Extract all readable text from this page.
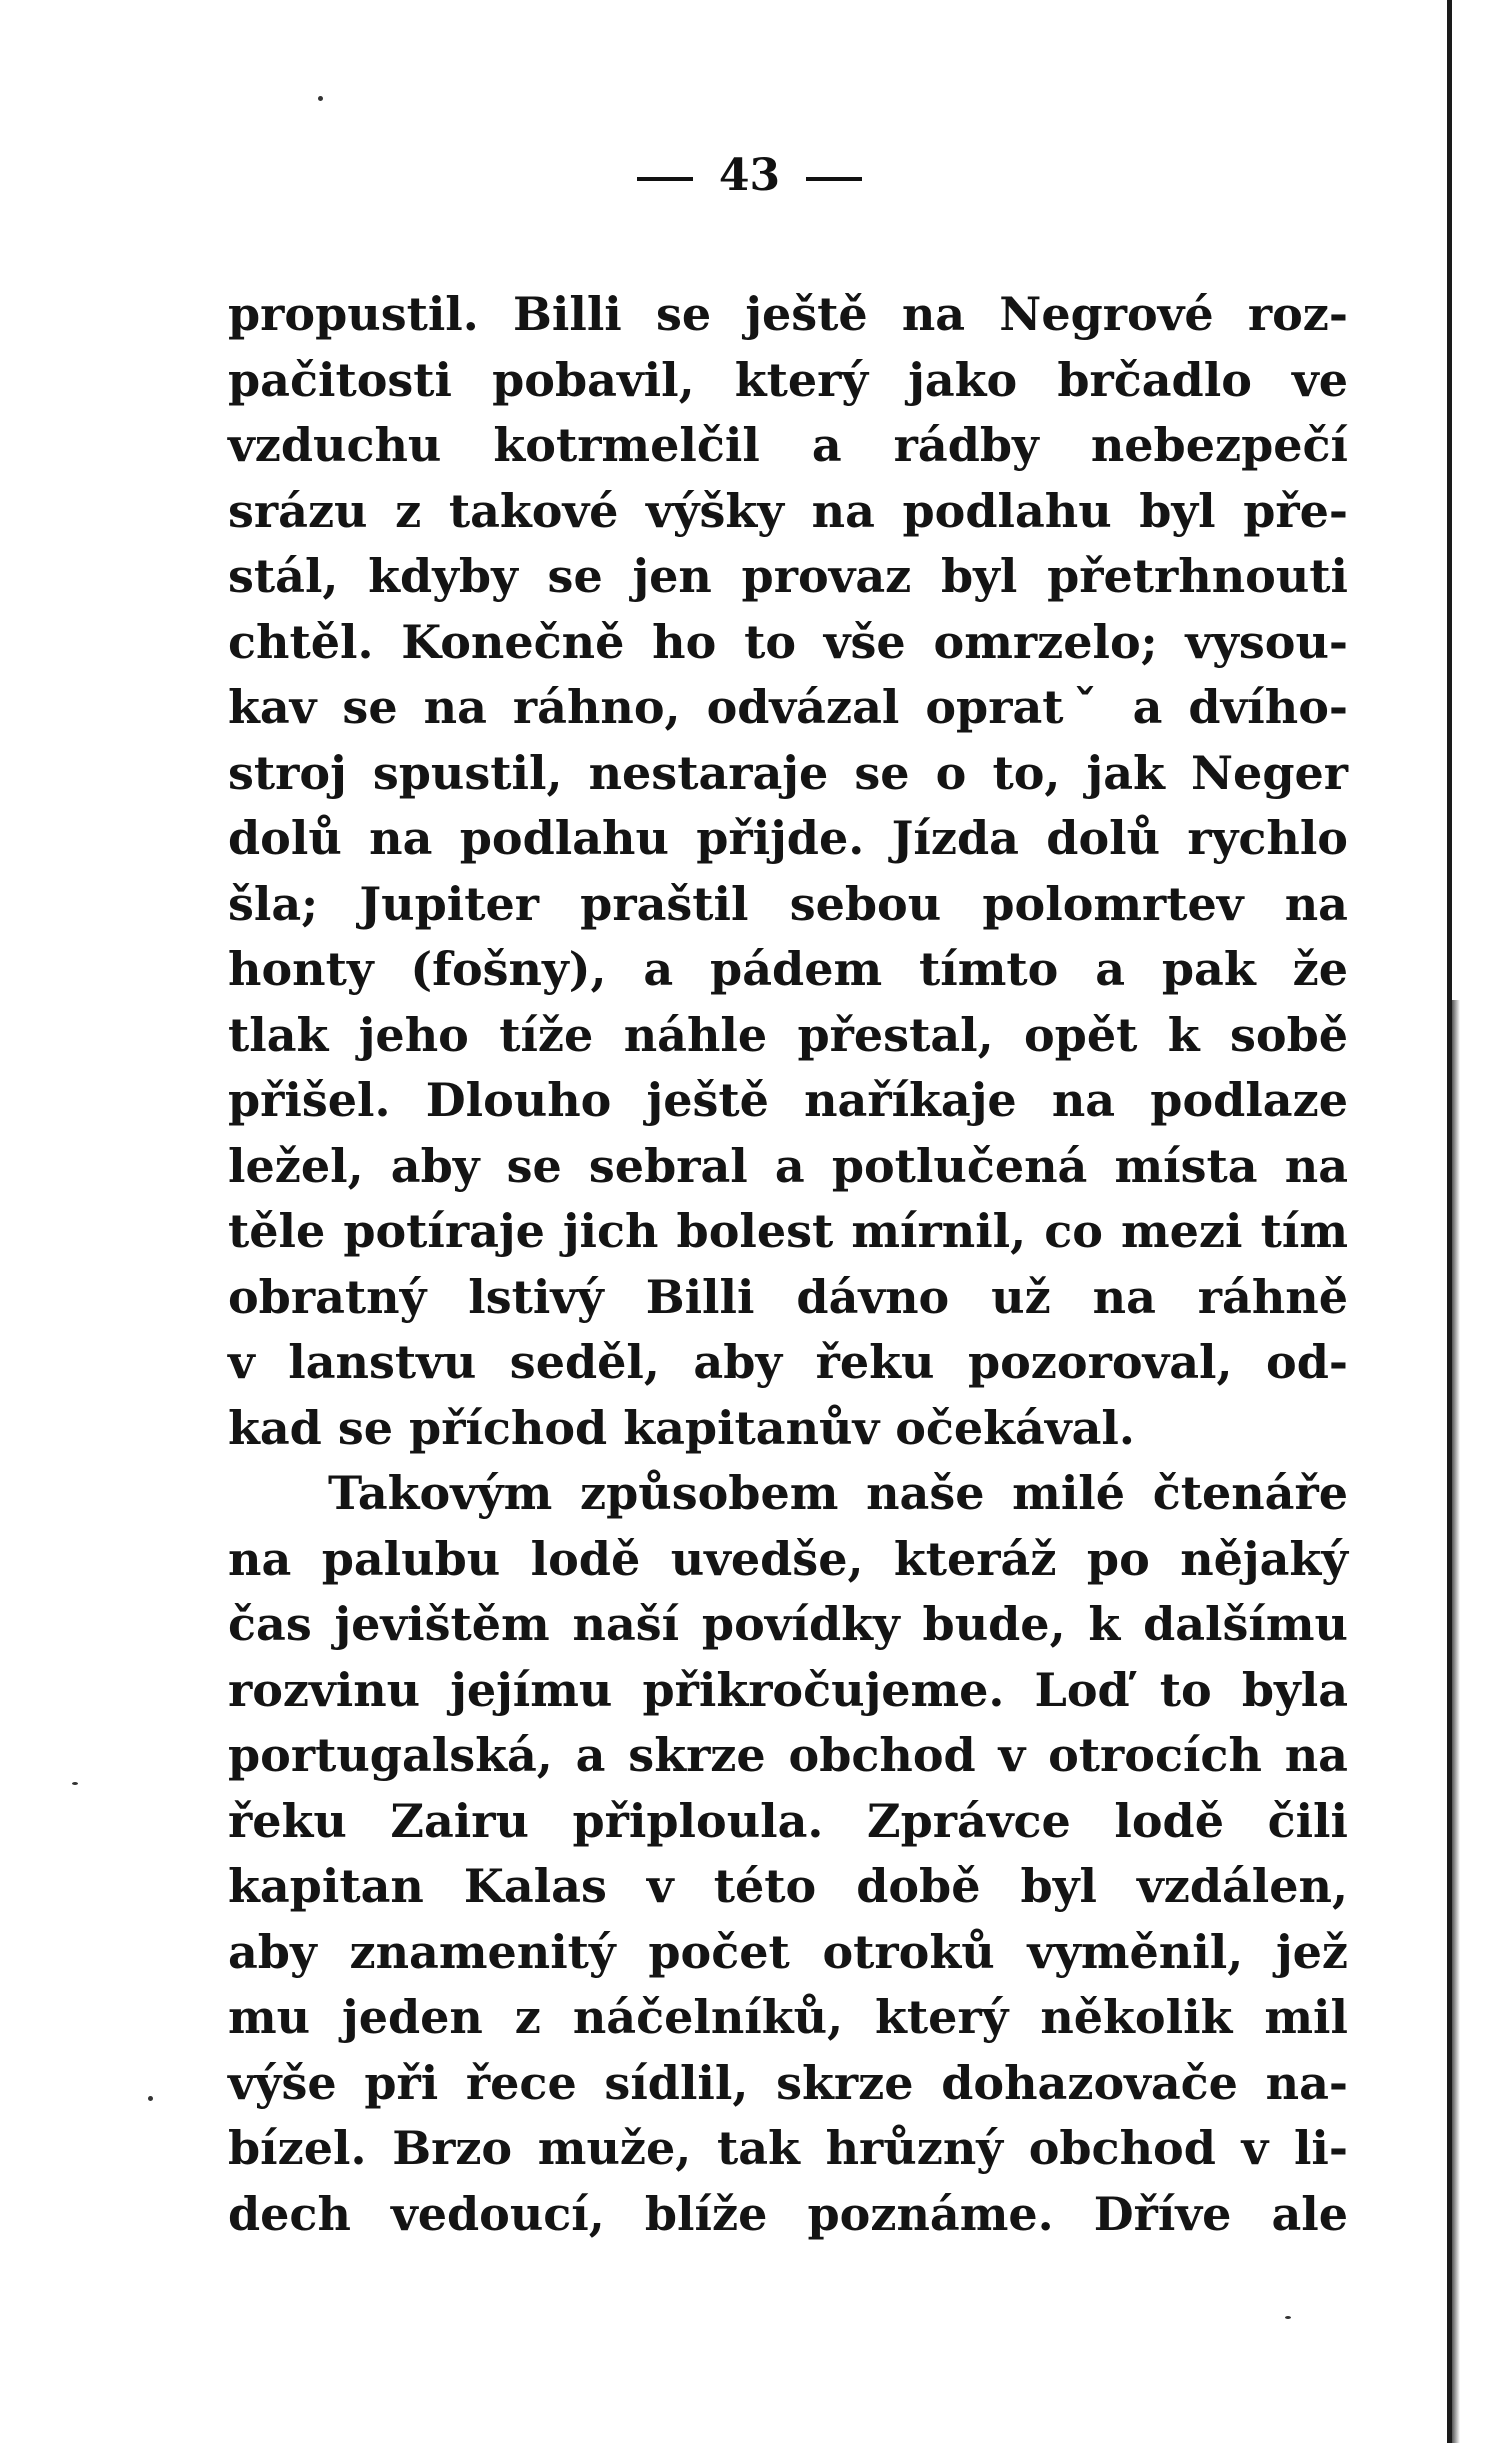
43
propustil. Billi se ještě na Negrové roz-
pačitosti pobavil, který jako brčadlo ve
vzduchu kotrmelčil a rádby nebezpečí
srázu z takové výšky na podlahu byl pře-
stál, kdyby se jen provaz byl přetrhnouti
chtěl. Konečně ho to vše omrzelo; vysou-
kav se na ráhno, odvázal opratˇ a dvího-
stroj spustil, nestaraje se o to, jak Neger
dolů na podlahu přijde. Jízda dolů rychlo
šla; Jupiter praštil sebou polomrtev na
honty (fošny), a pádem tímto a pak že
tlak jeho tíže náhle přestal, opět k sobě
přišel. Dlouho ještě naříkaje na podlaze
ležel, aby se sebral a potlučená místa na
těle potíraje jich bolest mírnil, co mezi tím
obratný lstivý Billi dávno už na ráhně
v lanstvu seděl, aby řeku pozoroval, od-
kad se příchod kapitanův očekával.
Takovým způsobem naše milé čtenáře
na palubu lodě uvedše, kteráž po nějaký
čas jevištěm naší povídky bude, k dalšímu
rozvinu jejímu přikročujeme. Loď to byla
portugalská, a skrze obchod v otrocích na
řeku Zairu připloula. Zprávce lodě čili
kapitan Kalas v této době byl vzdálen,
aby znamenitý počet otroků vyměnil, jež
mu jeden z náčelníků, který několik mil
výše při řece sídlil, skrze dohazovače na-
bízel. Brzo muže, tak hrůzný obchod v li-
dech vedoucí, blíže poznáme. Dříve ale
